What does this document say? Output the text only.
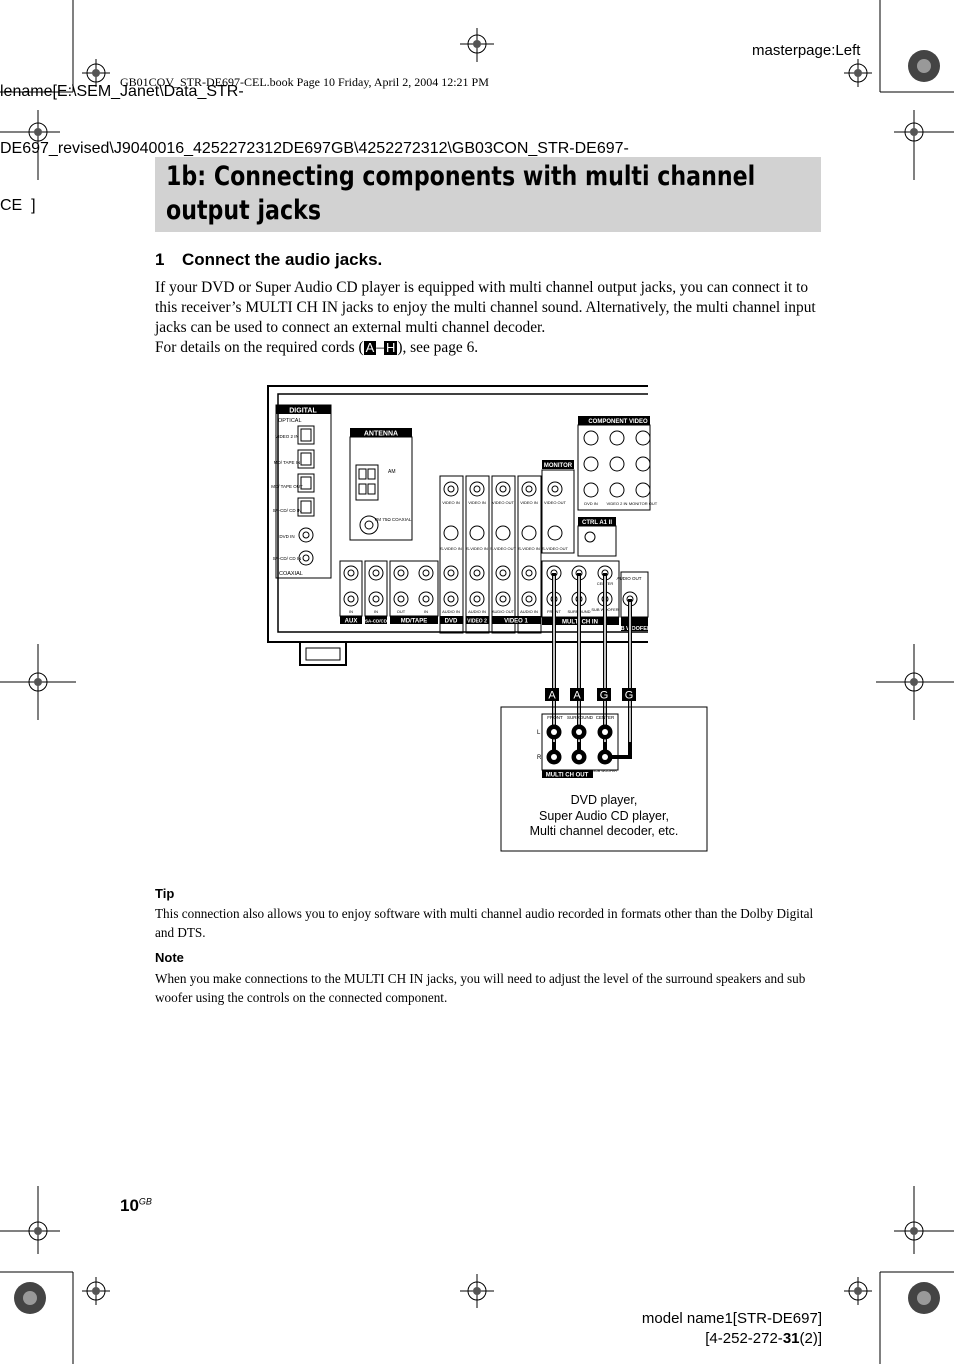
lename[E:\SEM_Janet\Data_STR-

DE697_revised\J9040016_4252272312DE697GB\4252272312\GB03CON_STR-DE697-

CE  ]

masterpage:Left
GB01COV_STR-DE697-CEL.book Page 10 Friday, April 2, 2004 12:21 PM
1b: Connecting components with multi channel output jacks
1 Connect the audio jacks.
If your DVD or Super Audio CD player is equipped with multi channel output jacks, you can connect it to this receiver’s MULTI CH IN jacks to enjoy the multi channel sound. Alternatively, the multi channel input jacks can be used to connect an external multi channel decoder.
For details on the required cords ( A – H ), see page 6.
DIGITAL
OPTICAL
VIDEO 2 IN
MD/ TAPE IN
MD/ TAPE OUT
SA-CD/ CD IN
DVD IN
SA-CD/ CD IN
COAXIAL
ANTENNA
AM
FM 75Ω COAXIAL
VIDEO IN VIDEO IN VIDEO OUT VIDEO IN VIDEO OUT
S-VIDEO IN S-VIDEO IN S-VIDEO OUT S-VIDEO IN S-VIDEO OUT
IN	IN	OUT	IN	AUDIO IN AUDIO IN AUDIO OUT AUDIO IN
AUX SA-CD/CD MD/TAPE	DVD VIDEO 2	VIDEO 1
MONITOR
COMPONENT VIDEO
DVD IN VIDEO 2 IN MONITOR OUT
CTRL A1 II
MULTI CH IN
FRONT SURROUND
CENTER
SUB WOOFER
AUDIO OUT
SUB WOOFER
A A G G
FRONT SURROUND CENTER
SUB WOOFER
L
R
MULTI CH OUT
DVD player,
Super Audio CD player,
Multi channel decoder, etc.
Tip
This connection also allows you to enjoy software with multi channel audio recorded in formats other than the Dolby Digital and DTS.
Note
When you make connections to the MULTI CH IN jacks, you will need to adjust the level of the surround speakers and sub woofer using the controls on the connected component.
$10^{GB}$
model name1[STR-DE697]
[4-252-272-31(2)]
